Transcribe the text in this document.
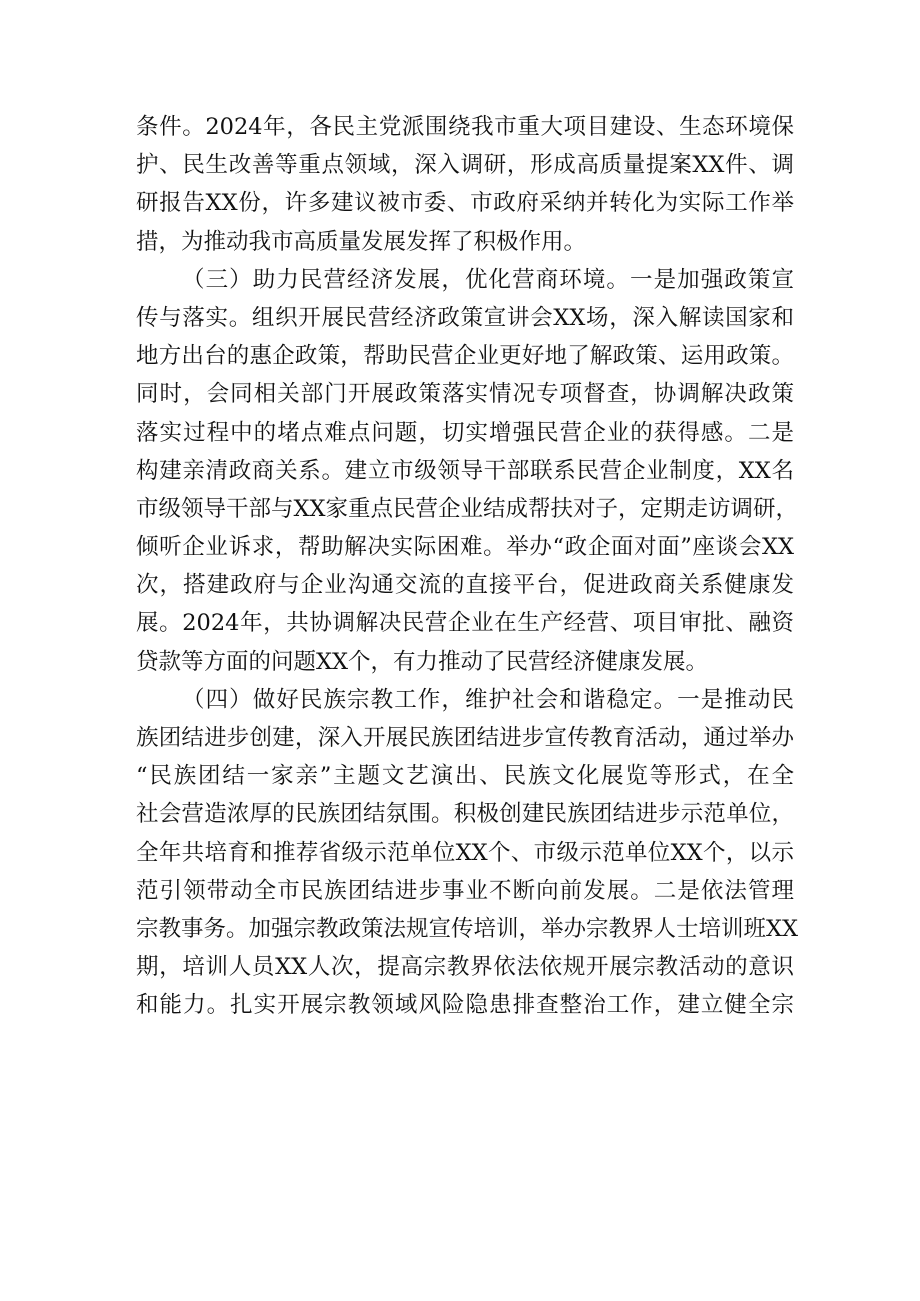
条件。2024年，各民主党派围绕我市重大项目建设、生态环境保
护、民生改善等重点领域，深入调研，形成高质量提案XX件、调
研报告XX份，许多建议被市委、市政府采纳并转化为实际工作举
措，为推动我市高质量发展发挥了积极作用。
（三）助力民营经济发展，优化营商环境。一是加强政策宣
传与落实。组织开展民营经济政策宣讲会XX场，深入解读国家和
地方出台的惠企政策，帮助民营企业更好地了解政策、运用政策。
同时，会同相关部门开展政策落实情况专项督查，协调解决政策
落实过程中的堵点难点问题，切实增强民营企业的获得感。二是
构建亲清政商关系。建立市级领导干部联系民营企业制度，XX名
市级领导干部与XX家重点民营企业结成帮扶对子，定期走访调研，
倾听企业诉求，帮助解决实际困难。举办“政企面对面”座谈会XX
次，搭建政府与企业沟通交流的直接平台，促进政商关系健康发
展。2024年，共协调解决民营企业在生产经营、项目审批、融资
贷款等方面的问题XX个，有力推动了民营经济健康发展。
（四）做好民族宗教工作，维护社会和谐稳定。一是推动民
族团结进步创建，深入开展民族团结进步宣传教育活动，通过举办
“民族团结一家亲”主题文艺演出、民族文化展览等形式，在全
社会营造浓厚的民族团结氛围。积极创建民族团结进步示范单位，
全年共培育和推荐省级示范单位XX个、市级示范单位XX个，以示
范引领带动全市民族团结进步事业不断向前发展。二是依法管理
宗教事务。加强宗教政策法规宣传培训，举办宗教界人士培训班XX
期，培训人员XX人次，提高宗教界依法依规开展宗教活动的意识
和能力。扎实开展宗教领域风险隐患排查整治工作，建立健全宗
